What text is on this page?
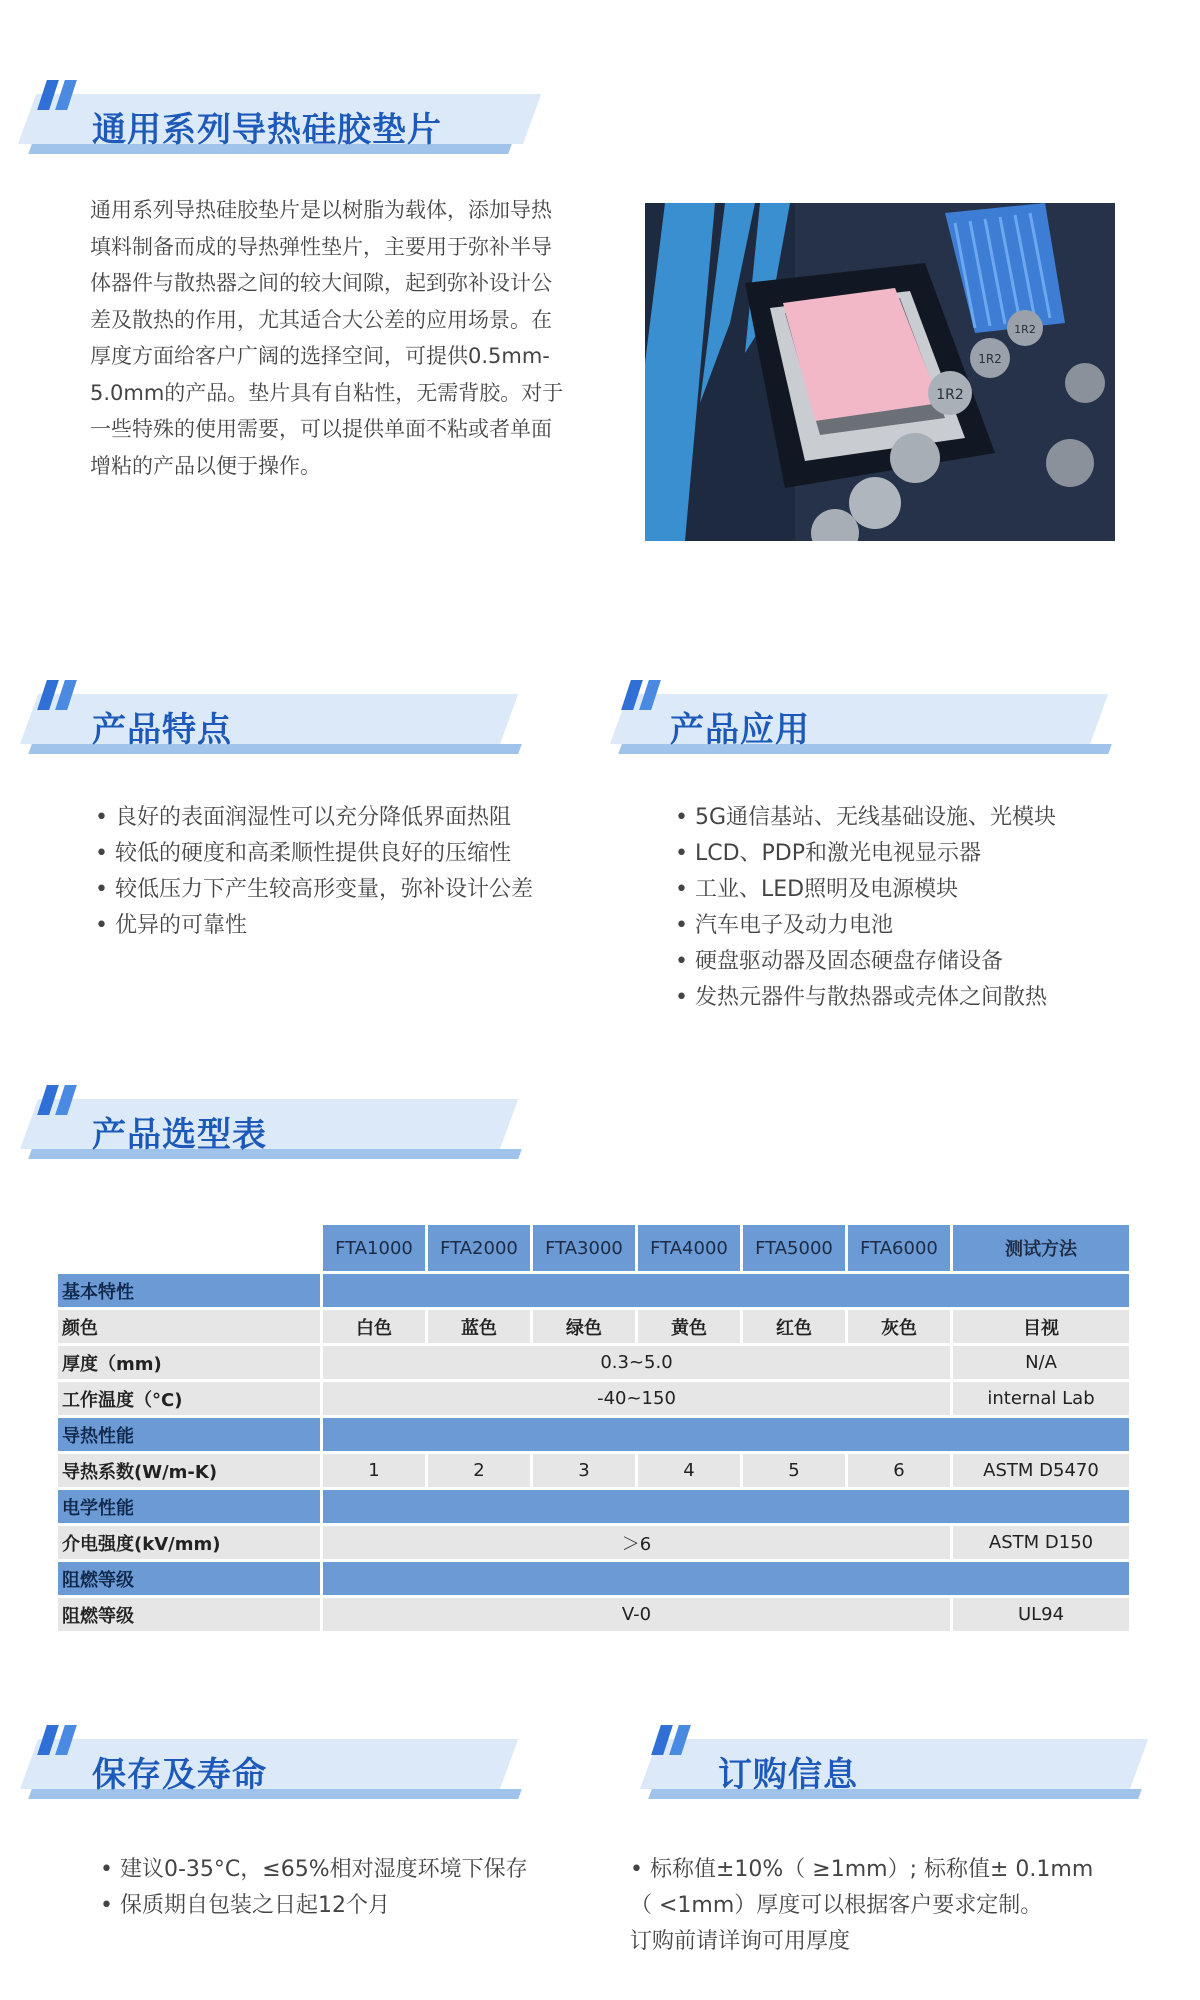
通用系列导热硅胶垫片
通用系列导热硅胶垫片是以树脂为载体，添加导热
填料制备而成的导热弹性垫片，主要用于弥补半导
体器件与散热器之间的较大间隙，起到弥补设计公
差及散热的作用，尤其适合大公差的应用场景。在
厚度方面给客户广阔的选择空间，可提供0.5mm-
5.0mm的产品。垫片具有自粘性，无需背胶。对于
一些特殊的使用需要，可以提供单面不粘或者单面
增粘的产品以便于操作。
1R2
1R2
1R2
产品特点	产品应用
• 良好的表面润湿性可以充分降低界面热阻
• 较低的硬度和高柔顺性提供良好的压缩性
• 较低压力下产生较高形变量，弥补设计公差
• 优异的可靠性
• 5G通信基站、无线基础设施、光模块
• LCD、PDP和激光电视显示器
• 工业、LED照明及电源模块
• 汽车电子及动力电池
• 硬盘驱动器及固态硬盘存储设备
• 发热元器件与散热器或壳体之间散热
产品选型表
	FTA1000	FTA2000	FTA3000	FTA4000	FTA5000	FTA6000	测试方法
基本特性							
颜色	白色	蓝色	绿色	黄色	红色	灰色	目视
厚度（mm)	0.3~5.0						N/A
工作温度（°C)	-40~150						internal Lab
导热性能							
导热系数(W/m-K)	1	2	3	4	5	6	ASTM D5470
电学性能							
介电强度(kV/mm)	＞6						ASTM D150
阻燃等级							
阻燃等级	V-0						UL94
保存及寿命	订购信息
• 建议0-35°C，≤65%相对湿度环境下保存
• 保质期自包装之日起12个月
• 标称值±10%（ ≥1mm）; 标称值± 0.1mm
（ <1mm）厚度可以根据客户要求定制。
订购前请详询可用厚度
